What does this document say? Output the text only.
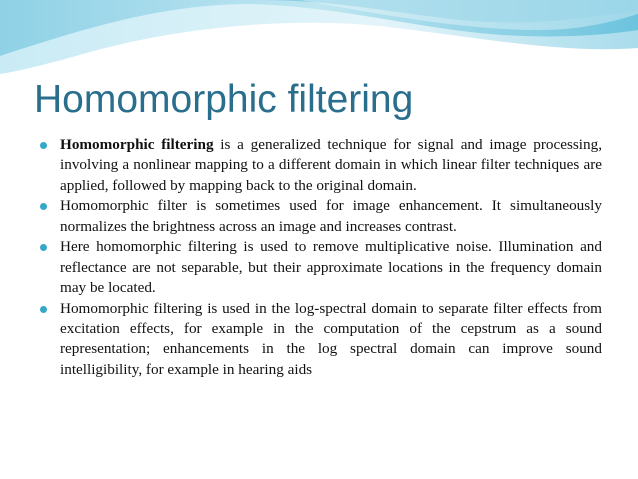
Homomorphic filtering
Homomorphic filtering is a generalized technique for signal and image processing, involving a nonlinear mapping to a different domain in which linear filter techniques are applied, followed by mapping back to the original domain.
Homomorphic filter is sometimes used for image enhancement. It simultaneously normalizes the brightness across an image and increases contrast.
Here homomorphic filtering is used to remove multiplicative noise. Illumination and reflectance are not separable, but their approximate locations in the frequency domain may be located.
Homomorphic filtering is used in the log-spectral domain to separate filter effects from excitation effects, for example in the computation of the cepstrum as a sound representation; enhancements in the log spectral domain can improve sound intelligibility, for example in hearing aids
